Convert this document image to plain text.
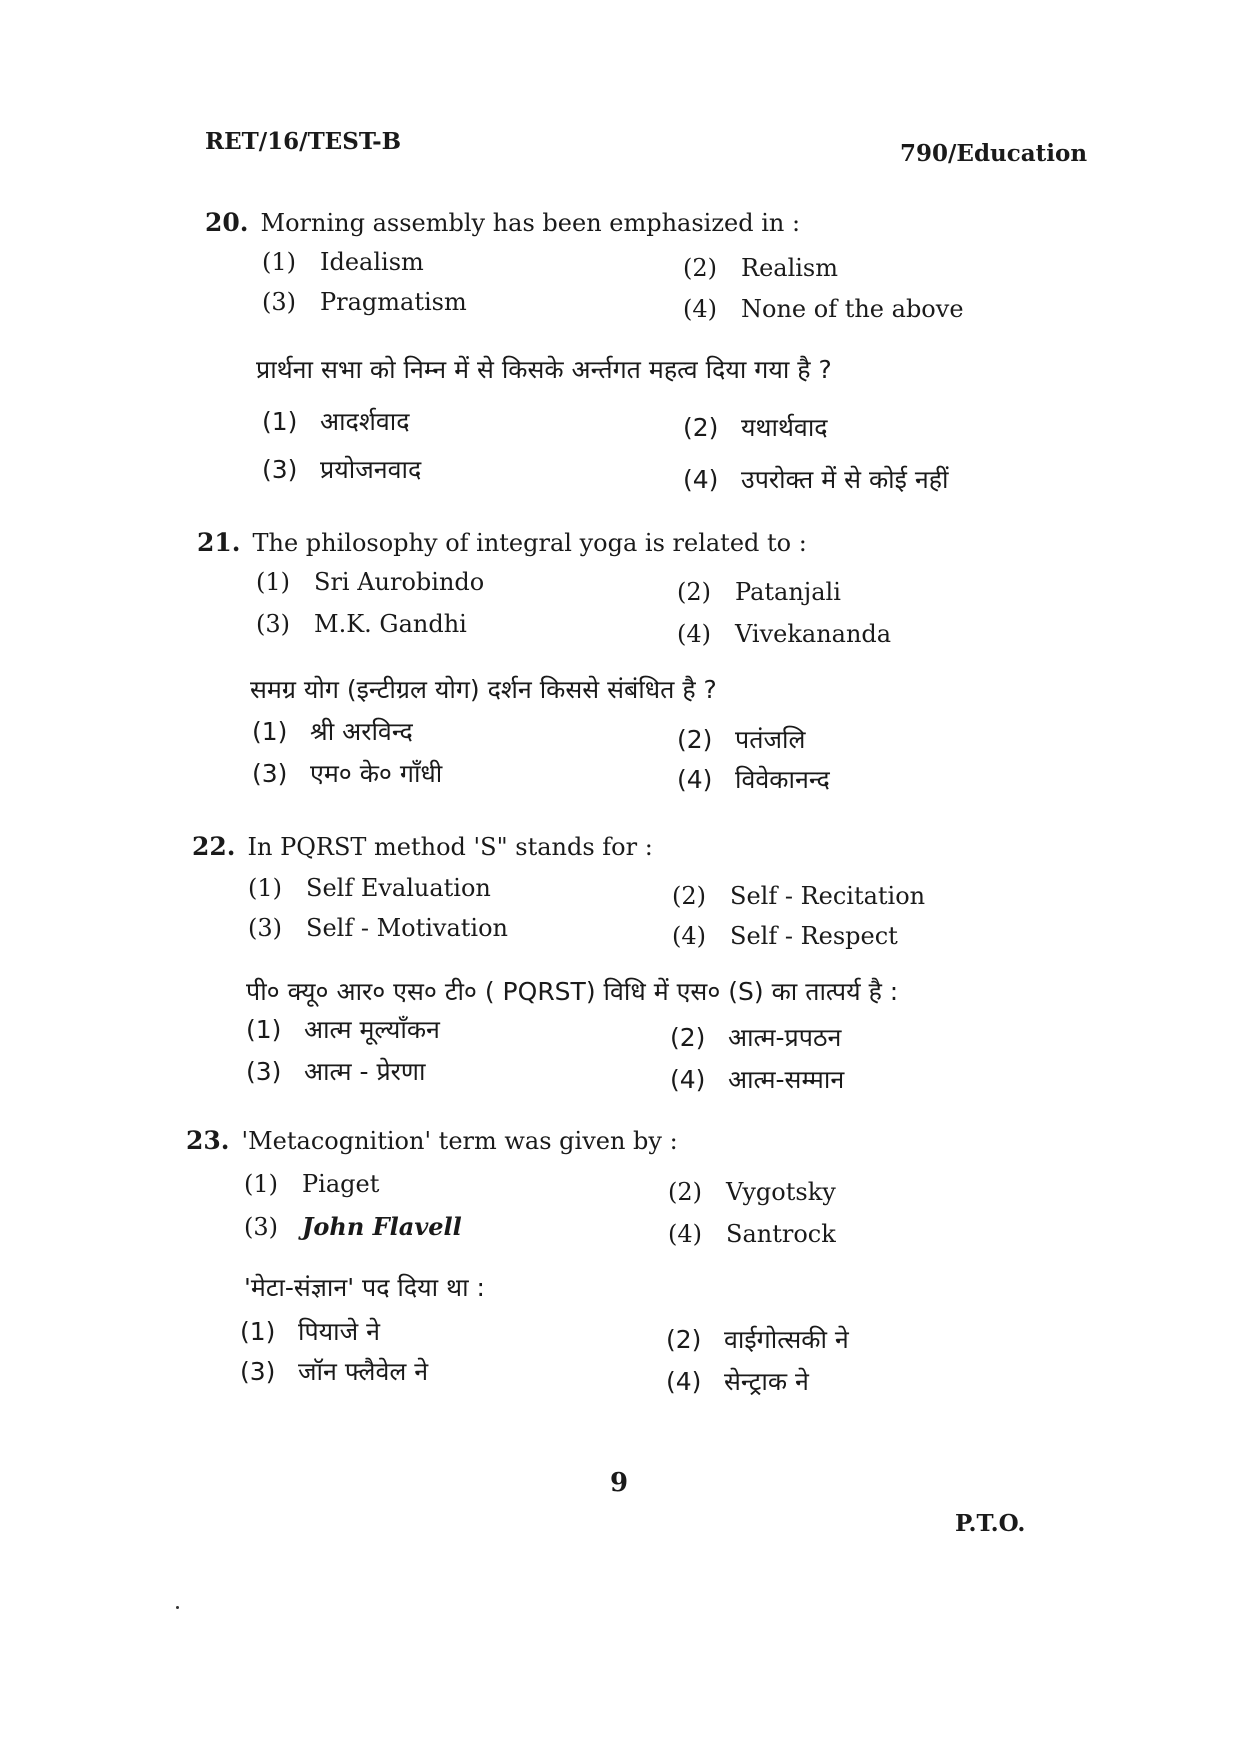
RET/16/TEST-B	790/Education
20. Morning assembly has been emphasized in :
(1) Idealism	(2) Realism
(3) Pragmatism	(4) None of the above
प्रार्थना सभा को निम्न में से किसके अर्न्तगत महत्व दिया गया है ?
(1) आदर्शवाद	(2) यथार्थवाद
(3) प्रयोजनवाद	(4) उपरोक्त में से कोई नहीं
21. The philosophy of integral yoga is related to :
(1) Sri Aurobindo	(2) Patanjali
(3) M.K. Gandhi	(4) Vivekananda
समग्र योग (इन्टीग्रल योग) दर्शन किससे संबंधित है ?
(1) श्री अरविन्द	(2) पतंजलि
(3) एम० के० गाँधी	(4) विवेकानन्द
22. In PQRST method 'S" stands for :
(1) Self Evaluation	(2) Self - Recitation
(3) Self - Motivation	(4) Self - Respect
पी० क्यू० आर० एस० टी० ( PQRST) विधि में एस० (S) का तात्पर्य है :
(1) आत्म मूल्याँकन	(2) आत्म-प्रपठन
(3) आत्म - प्रेरणा	(4) आत्म-सम्मान
23. 'Metacognition' term was given by :
(1) Piaget	(2) Vygotsky
(3) John Flavell	(4) Santrock
'मेटा-संज्ञान' पद दिया था :
(1) पियाजे ने	(2) वाईगोत्सकी ने
(3) जॉन फ्लैवेल ने	(4) सेन्ट्राक ने
9
P.T.O.
